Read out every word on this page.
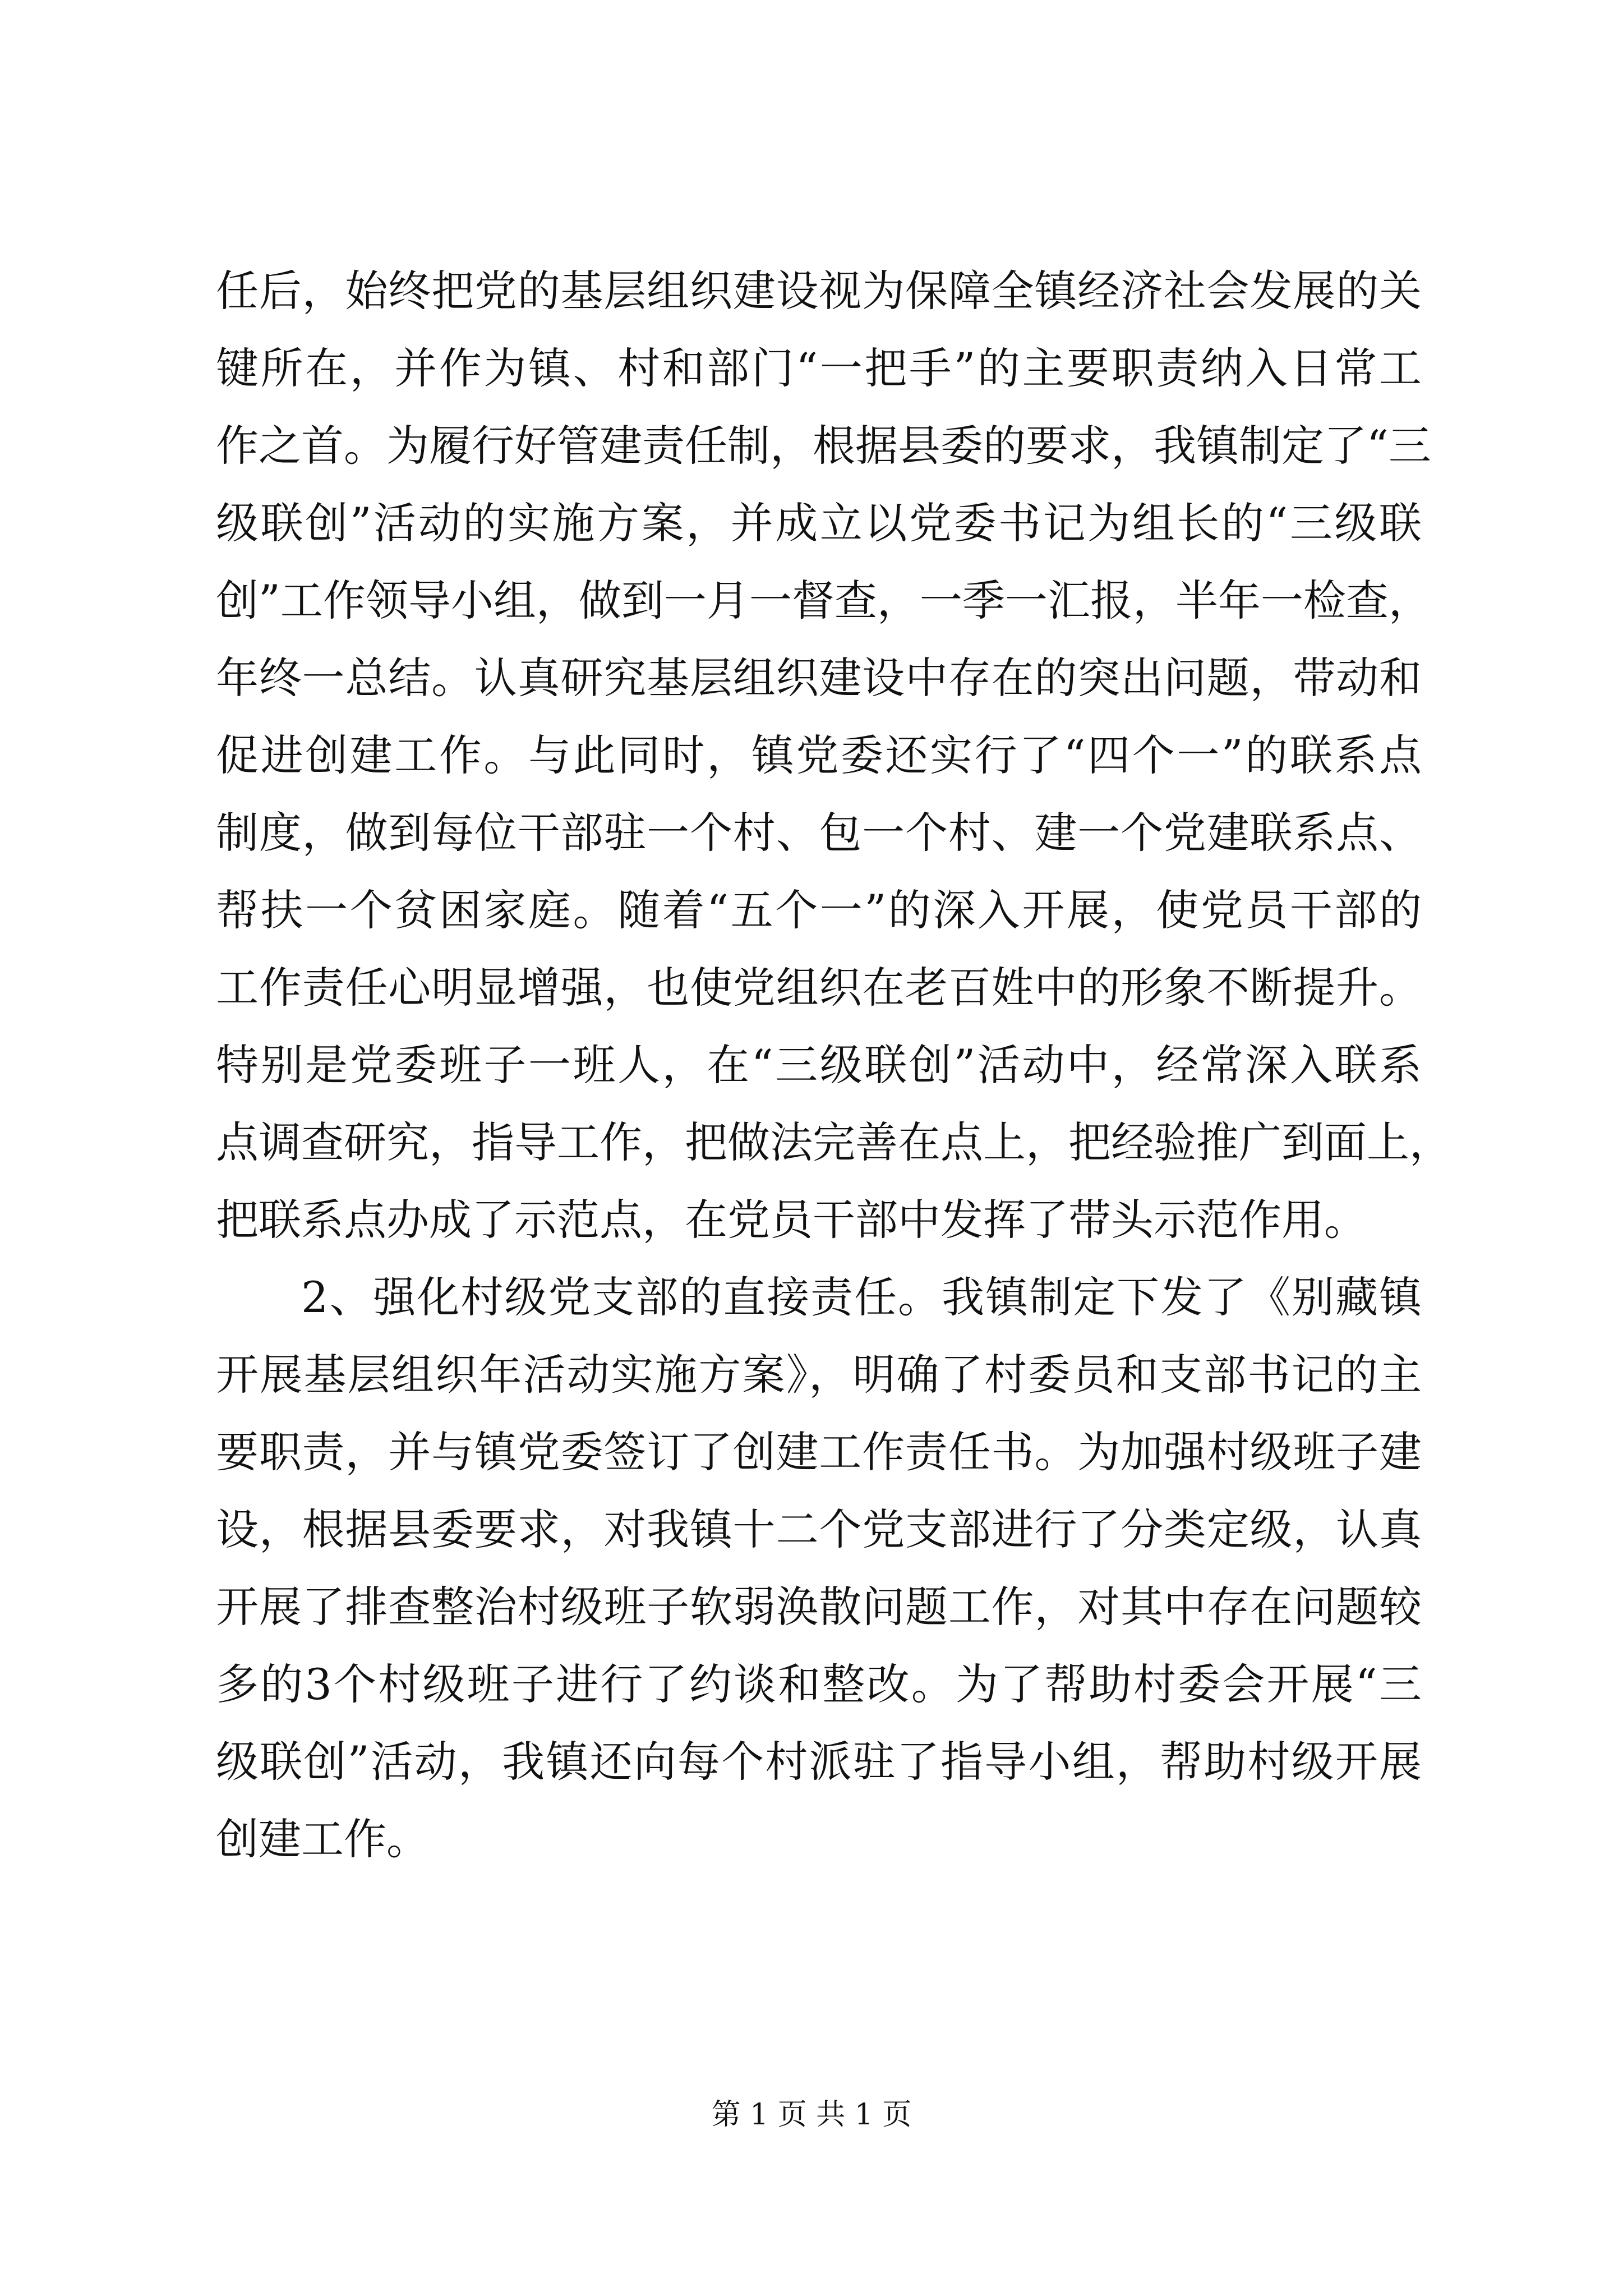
任后，始终把党的基层组织建设视为保障全镇经济社会发展的关
键所在，并作为镇、村和部门“一把手”的主要职责纳入日常工
作之首。为履行好管建责任制，根据县委的要求，我镇制定了“三
级联创”活动的实施方案，并成立以党委书记为组长的“三级联
创”工作领导小组，做到一月一督查，一季一汇报，半年一检查，
年终一总结。认真研究基层组织建设中存在的突出问题，带动和
促进创建工作。与此同时，镇党委还实行了“四个一”的联系点
制度，做到每位干部驻一个村、包一个村、建一个党建联系点、
帮扶一个贫困家庭。随着“五个一”的深入开展，使党员干部的
工作责任心明显增强，也使党组织在老百姓中的形象不断提升。
特别是党委班子一班人，在“三级联创”活动中，经常深入联系
点调查研究，指导工作，把做法完善在点上，把经验推广到面上，
把联系点办成了示范点，在党员干部中发挥了带头示范作用。
2、强化村级党支部的直接责任。我镇制定下发了《别藏镇
开展基层组织年活动实施方案》，明确了村委员和支部书记的主
要职责，并与镇党委签订了创建工作责任书。为加强村级班子建
设，根据县委要求，对我镇十二个党支部进行了分类定级，认真
开展了排查整治村级班子软弱涣散问题工作，对其中存在问题较
多的3个村级班子进行了约谈和整改。为了帮助村委会开展“三
级联创”活动，我镇还向每个村派驻了指导小组，帮助村级开展
创建工作。
第 1 页 共 1 页
